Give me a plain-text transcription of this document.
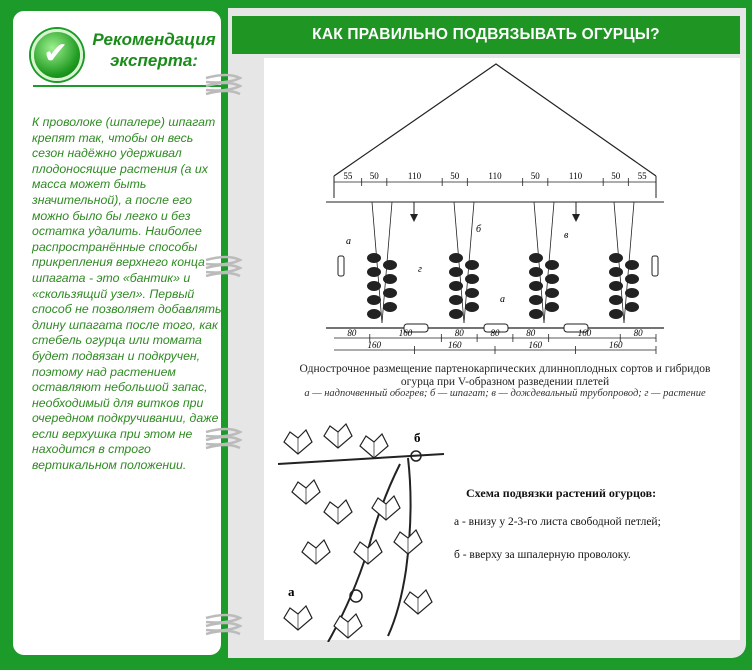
✔	Рекомендация
эксперта:
К проволоке (шпалере) шпагат крепят так, чтобы он весь сезон надёжно удерживал плодоносящие растения (а их масса может быть значительной), а после его можно было бы легко и без остатка удалить. Наиболее распространённые способы прикрепления верхнего конца шпагата - это «бантик» и «скользящий узел». Первый способ не позволяет добавлять длину шпагата после того, как стебель огурца или томата будет подвязан и подкручен, поэтому над растением оставляют небольшой запас, необходимый для витков при очередном подкручивании, даже если верхушка при этом не находится в строго вертикальном положении.
КАК ПРАВИЛЬНО ПОДВЯЗЫВАТЬ ОГУРЦЫ?
55 50	110	50	110	50	110	50 55
а
б
в
г
а
80	160	80	80	80	160	80
160	160	160	160
Однострочное размещение партенокарпических длинноплодных сортов и гибридов огурца при V-образном разведении плетей
а — надпочвенный обогрев; б — шпагат; в — дождевальный трубопровод; г — растение
б
а
Схема подвязки растений огурцов:
а - внизу у 2-3-го листа свободной петлей;
б - вверху за шпалерную проволоку.
